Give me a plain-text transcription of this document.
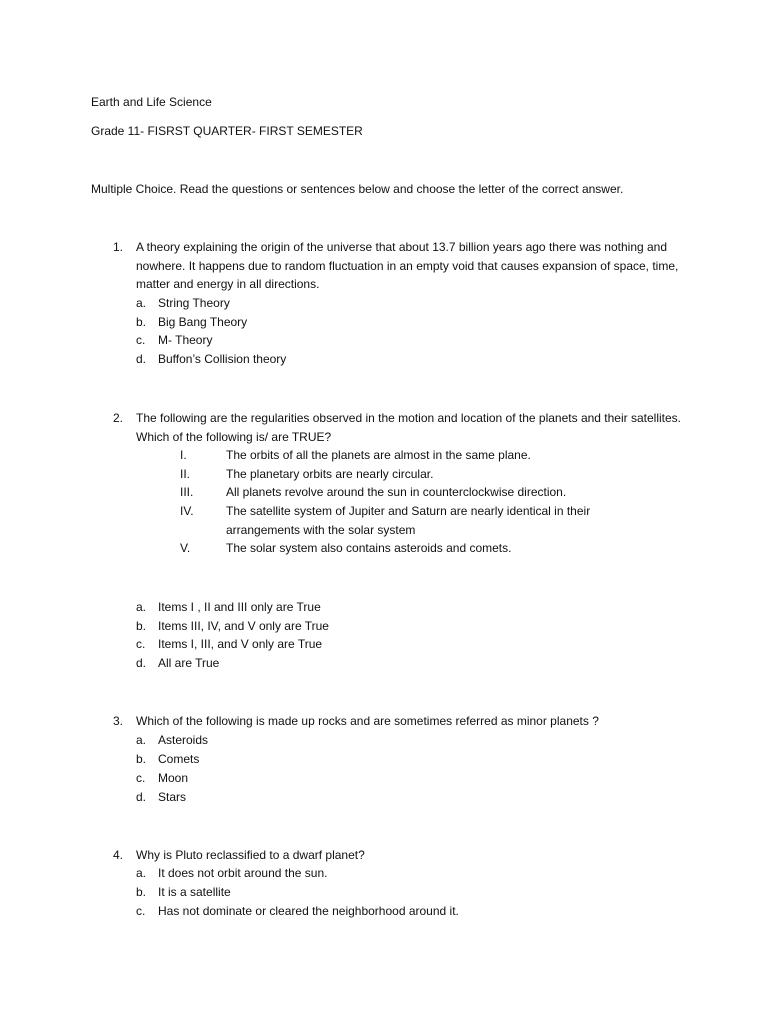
Earth and Life Science
Grade 11- FISRST QUARTER- FIRST SEMESTER
Multiple Choice. Read the questions or sentences below and choose the letter of the correct answer.
1. A theory explaining the origin of the universe that about 13.7 billion years ago there was nothing and nowhere. It happens due to random fluctuation in an empty void that causes expansion of space, time, matter and energy in all directions.
a. String Theory
b. Big Bang Theory
c. M- Theory
d. Buffon’s Collision theory
2. The following are the regularities observed in the motion and location of the planets and their satellites. Which of the following is/ are TRUE?
I.	The orbits of all the planets are almost in the same plane.
II.	The planetary orbits are nearly circular.
III.	All planets revolve around the sun in counterclockwise direction.
IV.	The satellite system of Jupiter and Saturn are nearly identical in their arrangements with the solar system
V.	The solar system also contains asteroids and comets.
a. Items I , II and III only are True
b. Items III, IV, and V only are True
c. Items I, III, and V only are True
d. All are True
3. Which of the following is made up rocks and are sometimes referred as minor planets ?
a. Asteroids
b. Comets
c. Moon
d. Stars
4. Why is Pluto reclassified to a dwarf planet?
a. It does not orbit around the sun.
b. It is a satellite
c. Has not dominate or cleared the neighborhood around it.
